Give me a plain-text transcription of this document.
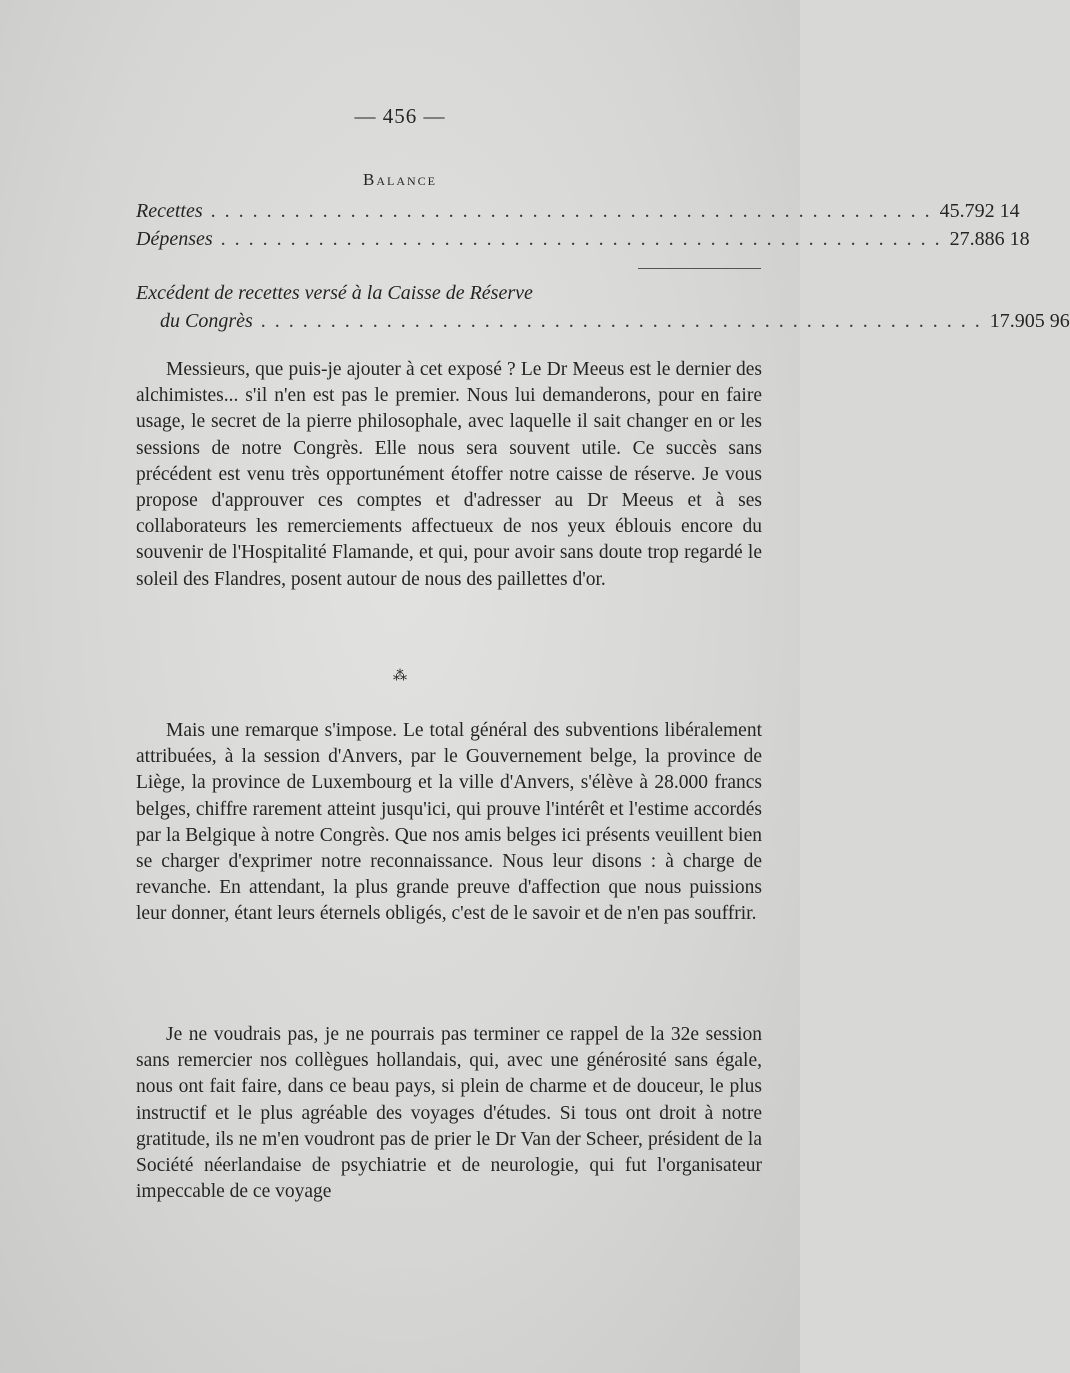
— 456 —
Balance
Recettes . . . . . . . . . . . . . . . . . . . . . . . . . . . . . . . . . . . . . . . . . . . . . . . . . . . . 45.792 14
Dépenses . . . . . . . . . . . . . . . . . . . . . . . . . . . . . . . . . . . . . . . . . . . . . . . . . . . . 27.886 18
Excédent de recettes versé à la Caisse de Réserve
du Congrès . . . . . . . . . . . . . . . . . . . . . . . . . . . . . . . . . . . . . . . . . . . . . . . . . . . . 17.905 96

Messieurs, que puis-je ajouter à cet exposé ? Le Dr Meeus est le dernier des alchimistes... s'il n'en est pas le premier. Nous lui demanderons, pour en faire usage, le secret de la pierre philosophale, avec laquelle il sait changer en or les sessions de notre Congrès. Elle nous sera souvent utile. Ce succès sans précédent est venu très opportunément étoffer notre caisse de réserve. Je vous propose d'approuver ces comptes et d'adresser au Dr Meeus et à ses collaborateurs les remerciements affectueux de nos yeux éblouis encore du souvenir de l'Hospitalité Flamande, et qui, pour avoir sans doute trop regardé le soleil des Flandres, posent autour de nous des paillettes d'or.

⁂

Mais une remarque s'impose. Le total général des subventions libéralement attribuées, à la session d'Anvers, par le Gouvernement belge, la province de Liège, la province de Luxembourg et la ville d'Anvers, s'élève à 28.000 francs belges, chiffre rarement atteint jusqu'ici, qui prouve l'intérêt et l'estime accordés par la Belgique à notre Congrès. Que nos amis belges ici présents veuillent bien se charger d'exprimer notre reconnaissance. Nous leur disons : à charge de revanche. En attendant, la plus grande preuve d'affection que nous puissions leur donner, étant leurs éternels obligés, c'est de le savoir et de n'en pas souffrir.

Je ne voudrais pas, je ne pourrais pas terminer ce rappel de la 32e session sans remercier nos collègues hollandais, qui, avec une générosité sans égale, nous ont fait faire, dans ce beau pays, si plein de charme et de douceur, le plus instructif et le plus agréable des voyages d'études. Si tous ont droit à notre gratitude, ils ne m'en voudront pas de prier le Dr Van der Scheer, président de la Société néerlandaise de psychiatrie et de neurologie, qui fut l'organisateur impeccable de ce voyage
